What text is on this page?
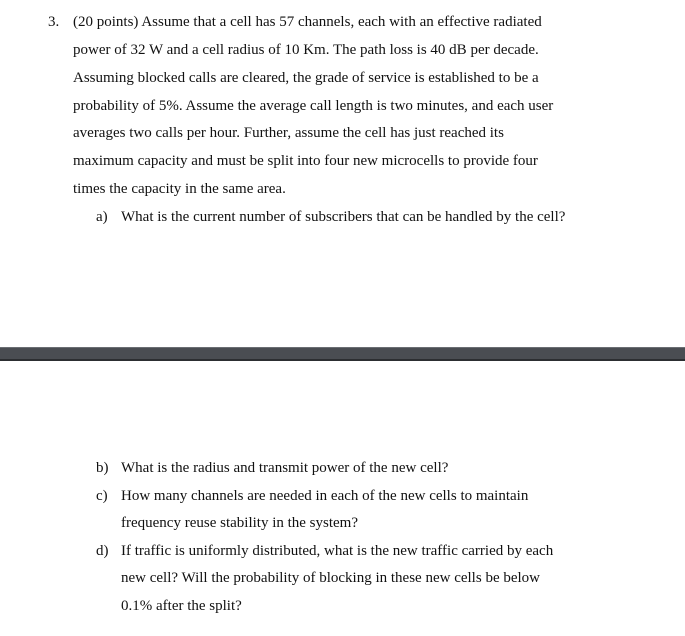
3. (20 points) Assume that a cell has 57 channels, each with an effective radiated
power of 32 W and a cell radius of 10 Km. The path loss is 40 dB per decade.
Assuming blocked calls are cleared, the grade of service is established to be a
probability of 5%. Assume the average call length is two minutes, and each user
averages two calls per hour. Further, assume the cell has just reached its
maximum capacity and must be split into four new microcells to provide four
times the capacity in the same area.
a) What is the current number of subscribers that can be handled by the cell?
b) What is the radius and transmit power of the new cell?
c) How many channels are needed in each of the new cells to maintain
frequency reuse stability in the system?
d) If traffic is uniformly distributed, what is the new traffic carried by each
new cell? Will the probability of blocking in these new cells be below
0.1% after the split?
